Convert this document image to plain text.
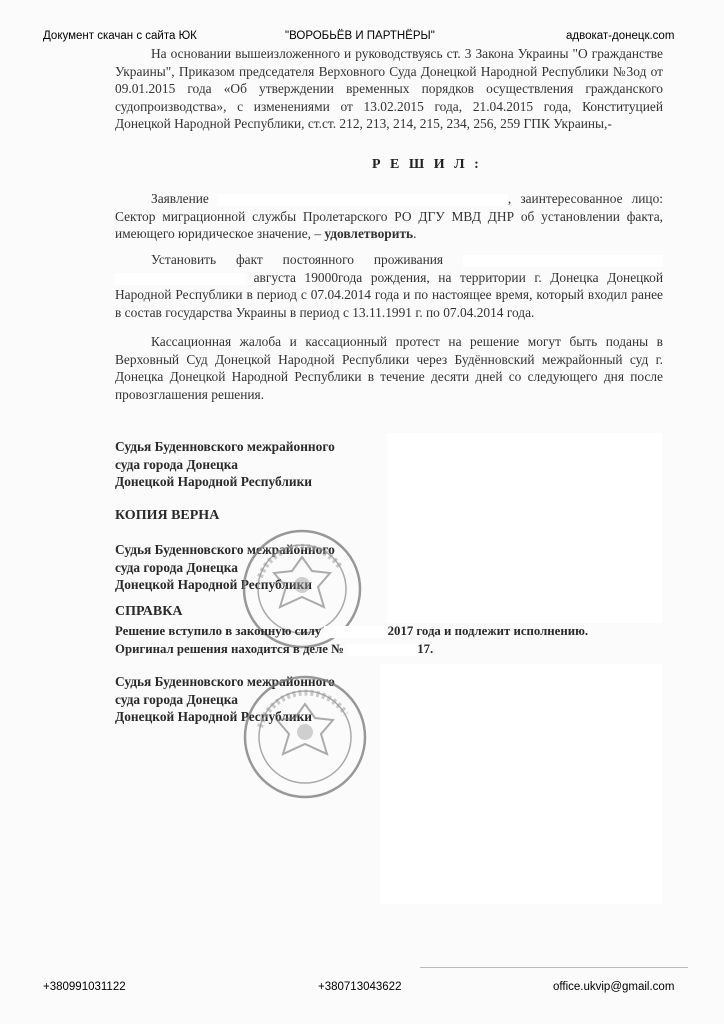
Документ скачан с сайта ЮК	"ВОРОБЬЁВ И ПАРТНЁРЫ"	адвокат-донецк.com
На основании вышеизложенного и руководствуясь ст. 3 Закона Украины "О гражданстве Украины", Приказом председателя Верховного Суда Донецкой Народной Республики №3од от 09.01.2015 года «Об утверждении временных порядков осуществления гражданского судопроизводства», с изменениями от 13.02.2015 года, 21.04.2015 года, Конституцией Донецкой Народной Республики, ст.ст. 212, 213, 214, 215, 234, 256, 259 ГПК Украины,-
Р Е Ш И Л :
Заявление	, заинтересованное лицо: Сектор миграционной службы Пролетарского РО ДГУ МВД ДНР об установлении факта, имеющего юридическое значение, – удовлетворить.
Установить факт постоянного проживания   августа 19000года рождения, на территории г. Донецка Донецкой Народной Республики в период с 07.04.2014 года и по настоящее время, который входил ранее в состав государства Украины в период с 13.11.1991 г. по 07.04.2014 года.
Кассационная жалоба и кассационный протест на решение могут быть поданы в Верховный Суд Донецкой Народной Республики через Будённовский межрайонный суд г. Донецка Донецкой Народной Республики в течение десяти дней со следующего дня после провозглашения решения.
Судья Буденновского межрайонного
суда города Донецка
Донецкой Народной Республики
КОПИЯ ВЕРНА
Судья Буденновского межрайонного
суда города Донецка
Донецкой Народной Республики
СПРАВКА
Решение вступило в законную силу	2017 года и подлежит исполнению.
Оригинал решения находится в деле №	17.
Судья Буденновского межрайонного
суда города Донецка
Донецкой Народной Республики
+380991031122	+380713043622	office.ukvip@gmail.com
